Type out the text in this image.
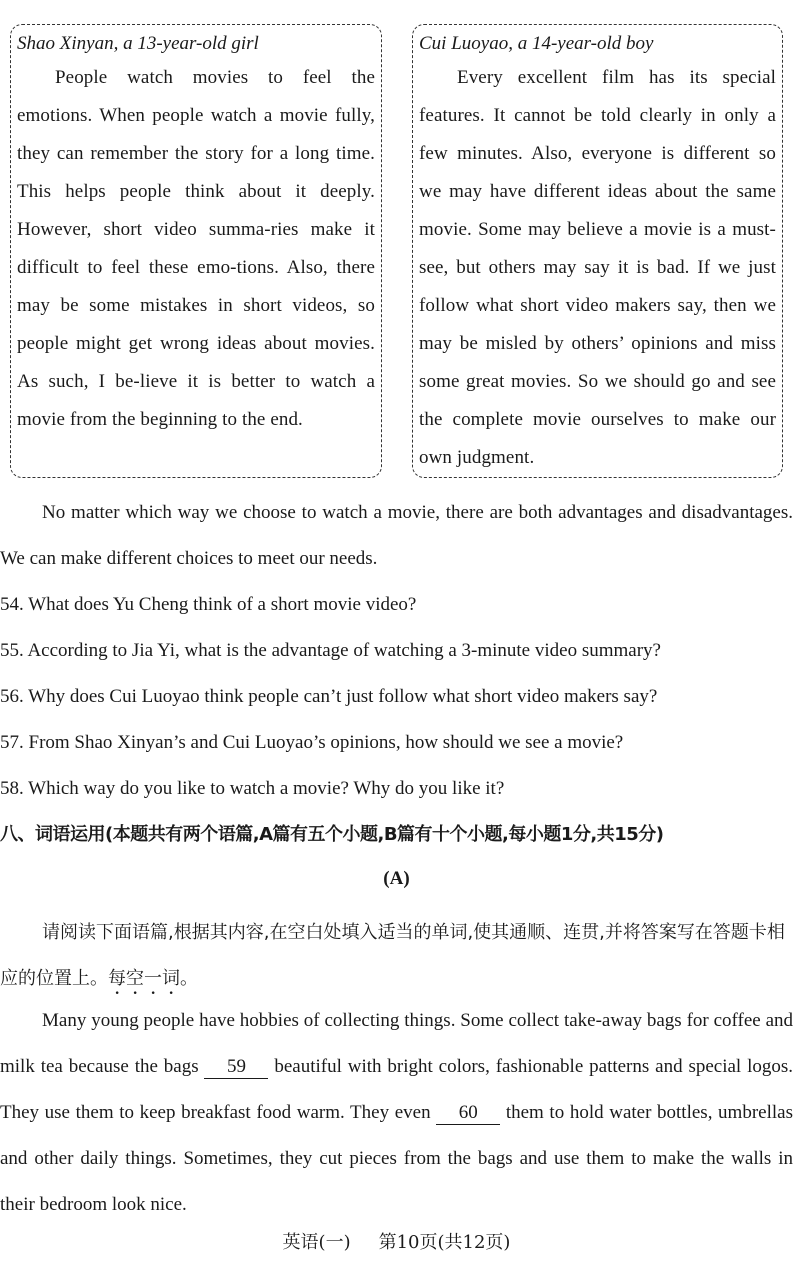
Shao Xinyan, a 13-year-old girl

People watch movies to feel the emotions. When people watch a movie fully, they can remember the story for a long time. This helps people think about it deeply. However, short video summa-ries make it difficult to feel these emo-tions. Also, there may be some mistakes in short videos, so people might get wrong ideas about movies. As such, I be-lieve it is better to watch a movie from the beginning to the end.

Cui Luoyao, a 14-year-old boy

Every excellent film has its special features. It cannot be told clearly in only a few minutes. Also, everyone is different so we may have different ideas about the same movie. Some may believe a movie is a must-see, but others may say it is bad. If we just follow what short video makers say, then we may be misled by others’ opinions and miss some great movies. So we should go and see the complete movie ourselves to make our own judgment.

No matter which way we choose to watch a movie, there are both advantages and disadvantages. We can make different choices to meet our needs.

54. What does Yu Cheng think of a short movie video?

55. According to Jia Yi, what is the advantage of watching a 3-minute video summary?

56. Why does Cui Luoyao think people can’t just follow what short video makers say?

57. From Shao Xinyan’s and Cui Luoyao’s opinions, how should we see a movie?

58. Which way do you like to watch a movie? Why do you like it?

八、词语运用(本题共有两个语篇,A篇有五个小题,B篇有十个小题,每小题1分,共15分)

(A)

请阅读下面语篇,根据其内容,在空白处填入适当的单词,使其通顺、连贯,并将答案写在答题卡相应的位置上。每空一词。

Many young people have hobbies of collecting things. Some collect take-away bags for coffee and milk tea because the bags 59 beautiful with bright colors, fashionable patterns and special logos. They use them to keep breakfast food warm. They even 60 them to hold water bottles, umbrellas and other daily things. Sometimes, they cut pieces from the bags and use them to make the walls in their bedroom look nice.

英语(一) 第10页(共12页)
